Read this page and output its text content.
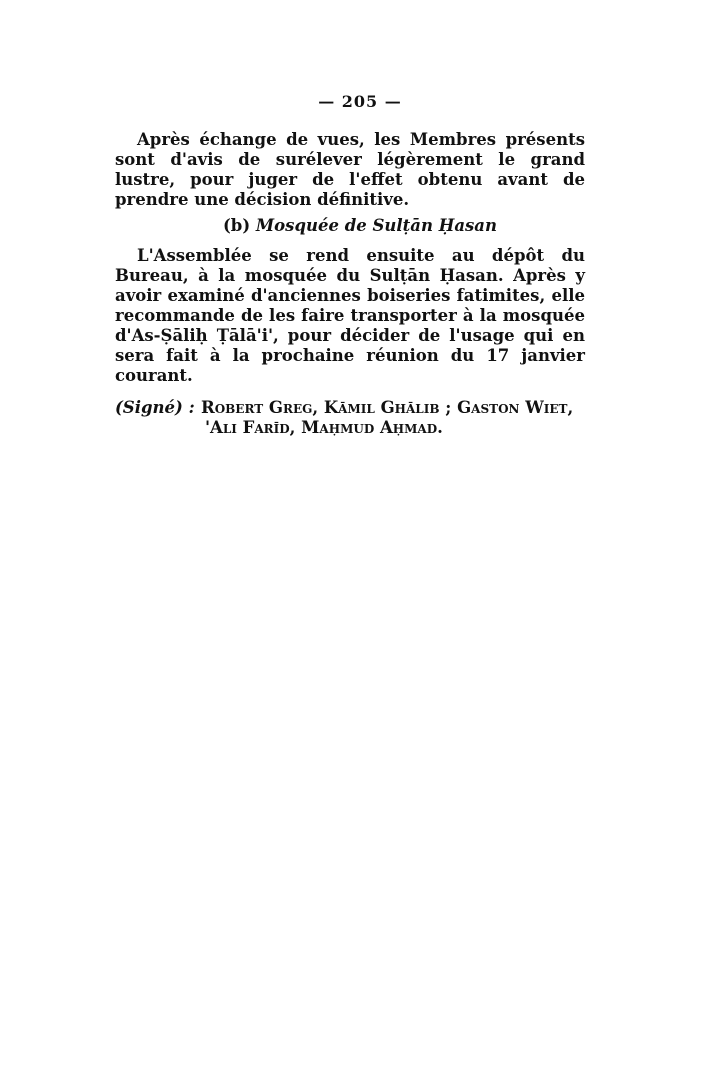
— 205 —

Après échange de vues, les Membres présents sont d'avis de surélever légèrement le grand lustre, pour juger de l'effet obtenu avant de prendre une décision définitive.

(b) Mosquée de Sulṭān Ḥasan

L'Assemblée se rend ensuite au dépôt du Bureau, à la mosquée du Sulṭān Ḥasan. Après y avoir examiné d'anciennes boiseries fatimites, elle recommande de les faire transporter à la mosquée d'As-Ṣāliḥ Ṭālā'i', pour décider de l'usage qui en sera fait à la prochaine réunion du 17 janvier courant.

(Signé) : Robert Greg, Kāmil Ghālib ; Gaston Wiet,
'Ali Farīd, Maḥmud Aḥmad.
